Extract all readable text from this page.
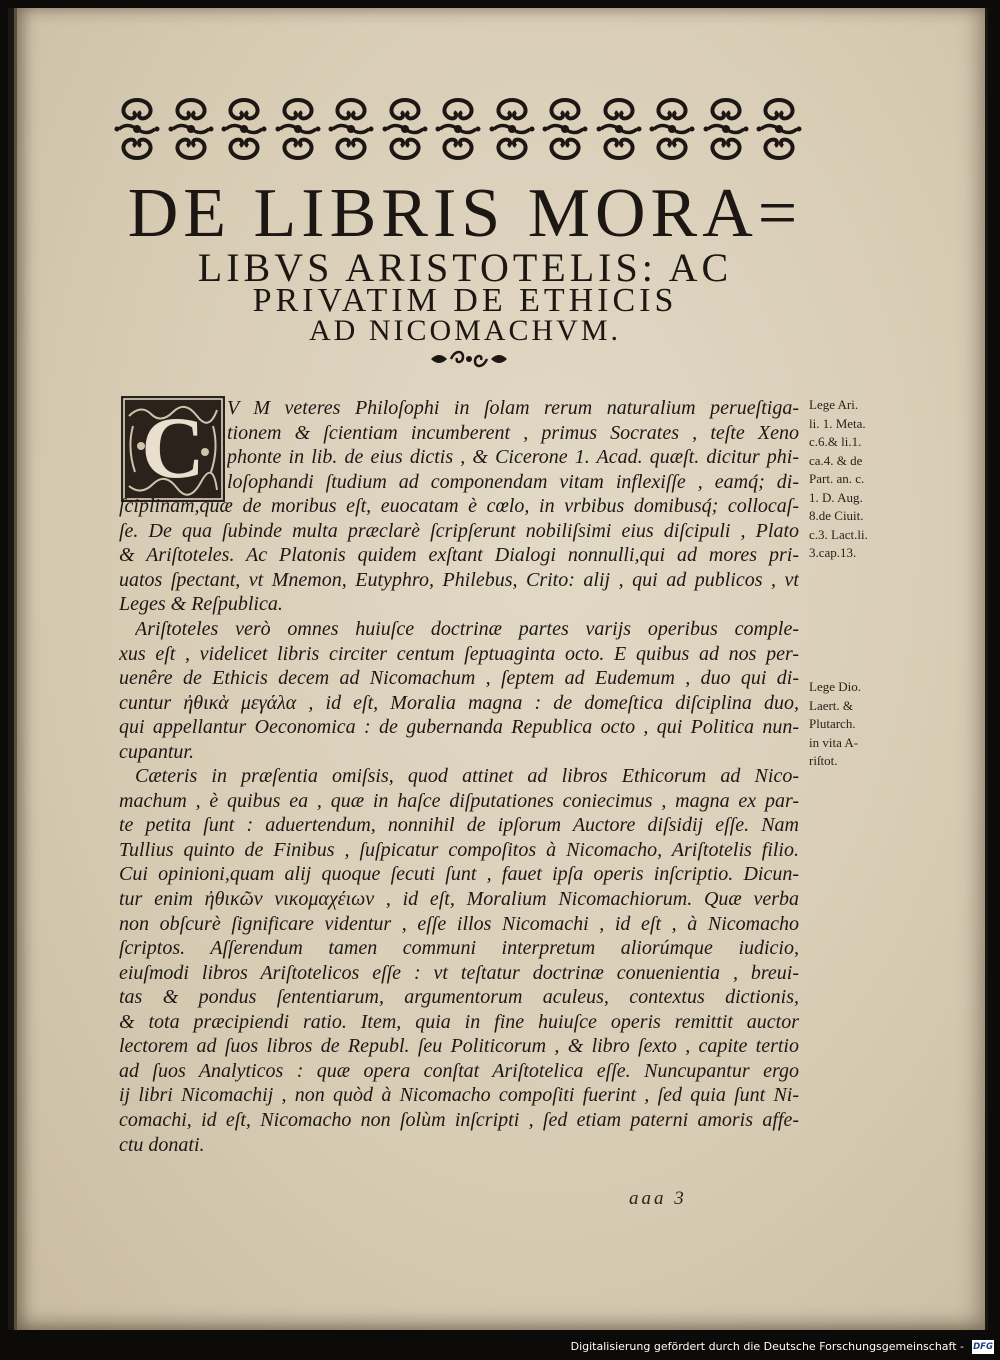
DE LIBRIS MORA=
LIBVS ARISTOTELIS: AC
PRIVATIM DE ETHICIS
AD NICOMACHVM.
C V M veteres Philoſophi in ſolam rerum naturalium perueſtiga-
tionem & ſcientiam incumberent , primus Socrates , teſte Xeno
phonte in lib. de eius dictis , & Cicerone 1. Acad. quæſt. dicitur phi-
loſophandi ſtudium ad componendam vitam inflexiſſe , eamq́; di-
ſciplinam,quæ de moribus eſt, euocatam è cœlo, in vrbibus domibusq́; collocaſ-
ſe. De qua ſubinde multa præclarè ſcripſerunt nobiliſsimi eius diſcipuli , Plato
& Ariſtoteles. Ac Platonis quidem exſtant Dialogi nonnulli,qui ad mores pri-
uatos ſpectant, vt Mnemon, Eutyphro, Philebus, Crito: alij , qui ad publicos , vt
Leges & Reſpublica.
Ariſtoteles verò omnes huiuſce doctrinæ partes varijs operibus comple-
xus eſt , videlicet libris circiter centum ſeptuaginta octo. E quibus ad nos per-
uenêre de Ethicis decem ad Nicomachum , ſeptem ad Eudemum , duo qui di-
cuntur ἠθικὰ μεγάλα , id eſt, Moralia magna : de domeſtica diſciplina duo,
qui appellantur Oeconomica : de gubernanda Republica octo , qui Politica nun-
cupantur.
Cæteris in præſentia omiſsis, quod attinet ad libros Ethicorum ad Nico-
machum , è quibus ea , quæ in haſce diſputationes coniecimus , magna ex par-
te petita ſunt : aduertendum, nonnihil de ipſorum Auctore diſsidij eſſe. Nam
Tullius quinto de Finibus , ſuſpicatur compoſitos à Nicomacho, Ariſtotelis filio.
Cui opinioni,quam alij quoque ſecuti ſunt , fauet ipſa operis inſcriptio. Dicun-
tur enim ἠθικῶν νικομαχέιων , id eſt, Moralium Nicomachiorum. Quæ verba
non obſcurè ſignificare videntur , eſſe illos Nicomachi , id eſt , à Nicomacho
ſcriptos. Aſſerendum tamen communi interpretum aliorúmque iudicio,
eiuſmodi libros Ariſtotelicos eſſe : vt teſtatur doctrinæ conuenientia , breui-
tas & pondus ſententiarum, argumentorum aculeus, contextus dictionis,
& tota præcipiendi ratio. Item, quia in fine huiuſce operis remittit auctor
lectorem ad ſuos libros de Republ. ſeu Politicorum , & libro ſexto , capite tertio
ad ſuos Analyticos : quæ opera conſtat Ariſtotelica eſſe. Nuncupantur ergo
ij libri Nicomachij , non quòd à Nicomacho compoſiti fuerint , ſed quia ſunt Ni-
comachi, id eſt, Nicomacho non ſolùm inſcripti , ſed etiam paterni amoris affe-
ctu donati.
Lege Ari.
li. 1. Meta.
c.6.& li.1.
ca.4. & de
Part. an. c.
1. D. Aug.
8.de Ciuit.
c.3. Lact.li.
3.cap.13.
Lege Dio.
Laert. &
Plutarch.
in vita A-
riſtot.
aaa 3
Digitalisierung gefördert durch die Deutsche Forschungsgemeinschaft - DFG
